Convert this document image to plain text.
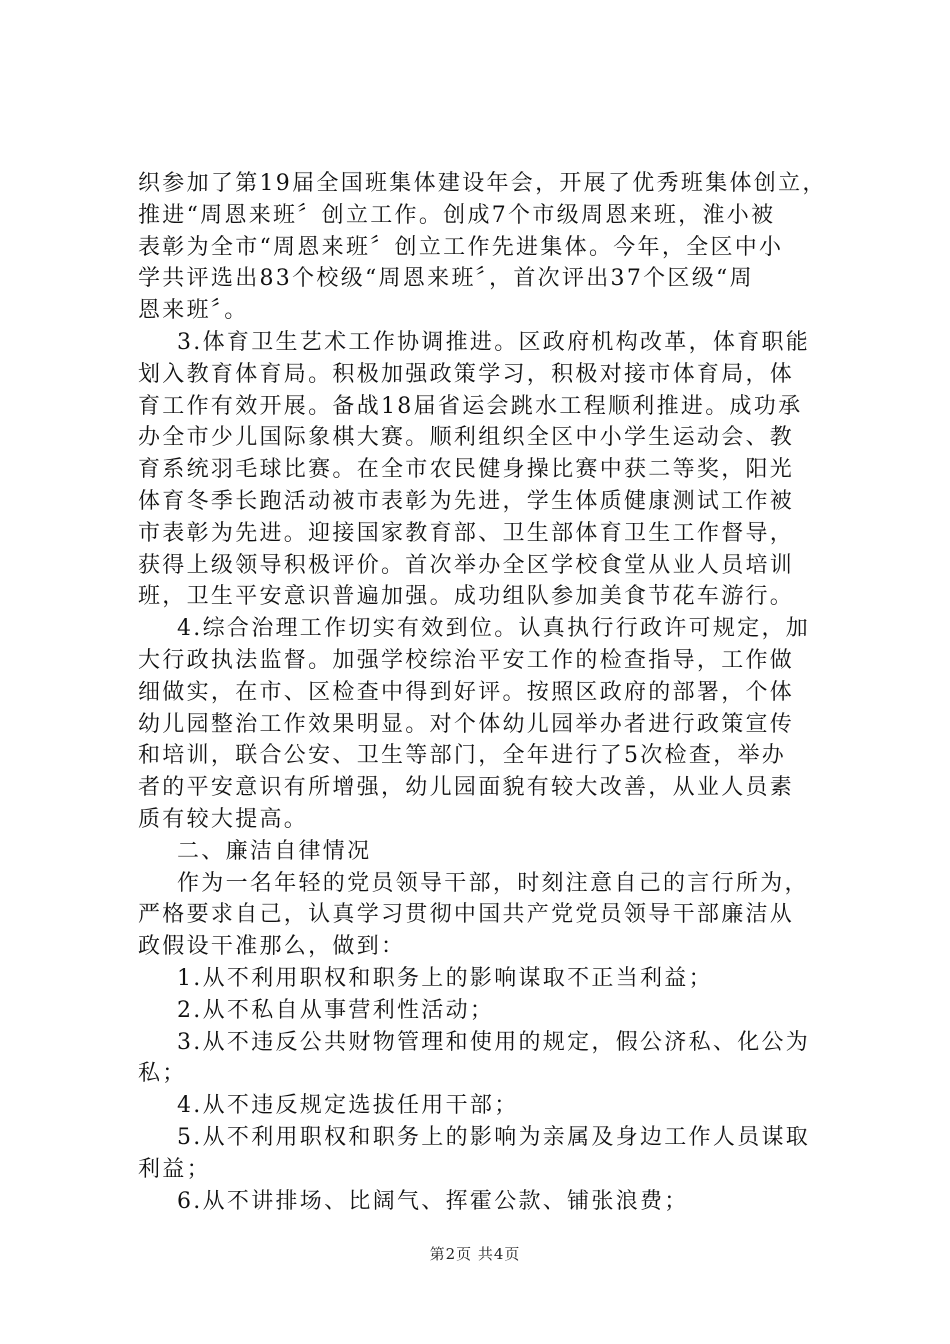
织参加了第19届全国班集体建设年会，开展了优秀班集体创立，
推进“周恩来班〞创立工作。创成7个市级周恩来班，淮小被
表彰为全市“周恩来班〞创立工作先进集体。今年，全区中小
学共评选出83个校级“周恩来班〞，首次评出37个区级“周
恩来班〞。
3.体育卫生艺术工作协调推进。区政府机构改革，体育职能
划入教育体育局。积极加强政策学习，积极对接市体育局，体
育工作有效开展。备战18届省运会跳水工程顺利推进。成功承
办全市少儿国际象棋大赛。顺利组织全区中小学生运动会、教
育系统羽毛球比赛。在全市农民健身操比赛中获二等奖，阳光
体育冬季长跑活动被市表彰为先进，学生体质健康测试工作被
市表彰为先进。迎接国家教育部、卫生部体育卫生工作督导，
获得上级领导积极评价。首次举办全区学校食堂从业人员培训
班，卫生平安意识普遍加强。成功组队参加美食节花车游行。
4.综合治理工作切实有效到位。认真执行行政许可规定，加
大行政执法监督。加强学校综治平安工作的检查指导，工作做
细做实，在市、区检查中得到好评。按照区政府的部署，个体
幼儿园整治工作效果明显。对个体幼儿园举办者进行政策宣传
和培训，联合公安、卫生等部门，全年进行了5次检查，举办
者的平安意识有所增强，幼儿园面貌有较大改善，从业人员素
质有较大提高。
二、廉洁自律情况
作为一名年轻的党员领导干部，时刻注意自己的言行所为，
严格要求自己，认真学习贯彻中国共产党党员领导干部廉洁从
政假设干准那么，做到：
1.从不利用职权和职务上的影响谋取不正当利益；
2.从不私自从事营利性活动；
3.从不违反公共财物管理和使用的规定，假公济私、化公为
私；
4.从不违反规定选拔任用干部；
5.从不利用职权和职务上的影响为亲属及身边工作人员谋取
利益；
6.从不讲排场、比阔气、挥霍公款、铺张浪费；
第2页 共4页
